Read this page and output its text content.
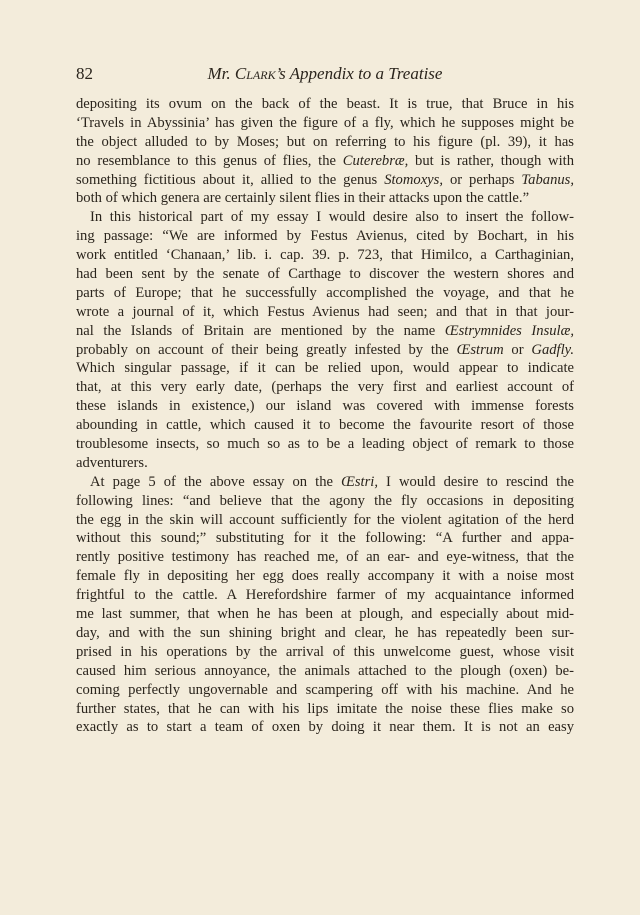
82	Mr. Clark’s Appendix to a Treatise
depositing its ovum on the back of the beast. It is true, that Bruce in his
‘Travels in Abyssinia’ has given the figure of a fly, which he supposes might be
the object alluded to by Moses; but on referring to his figure (pl. 39), it has
no resemblance to this genus of flies, the Cuterebræ, but is rather, though with
something fictitious about it, allied to the genus Stomoxys, or perhaps Tabanus,
both of which genera are certainly silent flies in their attacks upon the cattle.”
In this historical part of my essay I would desire also to insert the follow-
ing passage: “We are informed by Festus Avienus, cited by Bochart, in his
work entitled ‘Chanaan,’ lib. i. cap. 39. p. 723, that Himilco, a Carthaginian,
had been sent by the senate of Carthage to discover the western shores and
parts of Europe; that he successfully accomplished the voyage, and that he
wrote a journal of it, which Festus Avienus had seen; and that in that jour-
nal the Islands of Britain are mentioned by the name Œstrymnides Insulæ,
probably on account of their being greatly infested by the Œstrum or Gadfly.
Which singular passage, if it can be relied upon, would appear to indicate
that, at this very early date, (perhaps the very first and earliest account of
these islands in existence,) our island was covered with immense forests
abounding in cattle, which caused it to become the favourite resort of those
troublesome insects, so much so as to be a leading object of remark to those
adventurers.
At page 5 of the above essay on the Œstri, I would desire to rescind the
following lines: “and believe that the agony the fly occasions in depositing
the egg in the skin will account sufficiently for the violent agitation of the herd
without this sound;” substituting for it the following: “A further and appa-
rently positive testimony has reached me, of an ear- and eye-witness, that the
female fly in depositing her egg does really accompany it with a noise most
frightful to the cattle. A Herefordshire farmer of my acquaintance informed
me last summer, that when he has been at plough, and especially about mid-
day, and with the sun shining bright and clear, he has repeatedly been sur-
prised in his operations by the arrival of this unwelcome guest, whose visit
caused him serious annoyance, the animals attached to the plough (oxen) be-
coming perfectly ungovernable and scampering off with his machine. And he
further states, that he can with his lips imitate the noise these flies make so
exactly as to start a team of oxen by doing it near them. It is not an easy
